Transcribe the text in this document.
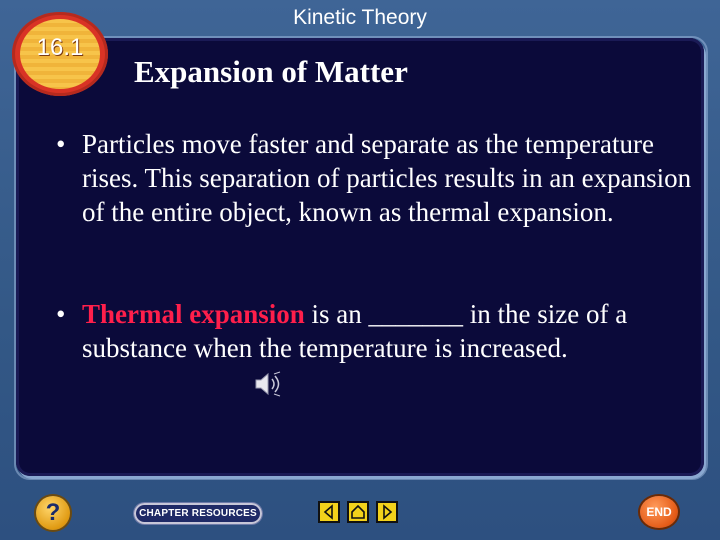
Kinetic Theory
16.1
Expansion of Matter
• Particles move faster and separate as the temperature rises. This separation of particles results in an expansion of the entire object, known as thermal expansion.
• Thermal expansion is an _______ in the size of a substance when the temperature is increased.
?	CHAPTER RESOURCES	END
